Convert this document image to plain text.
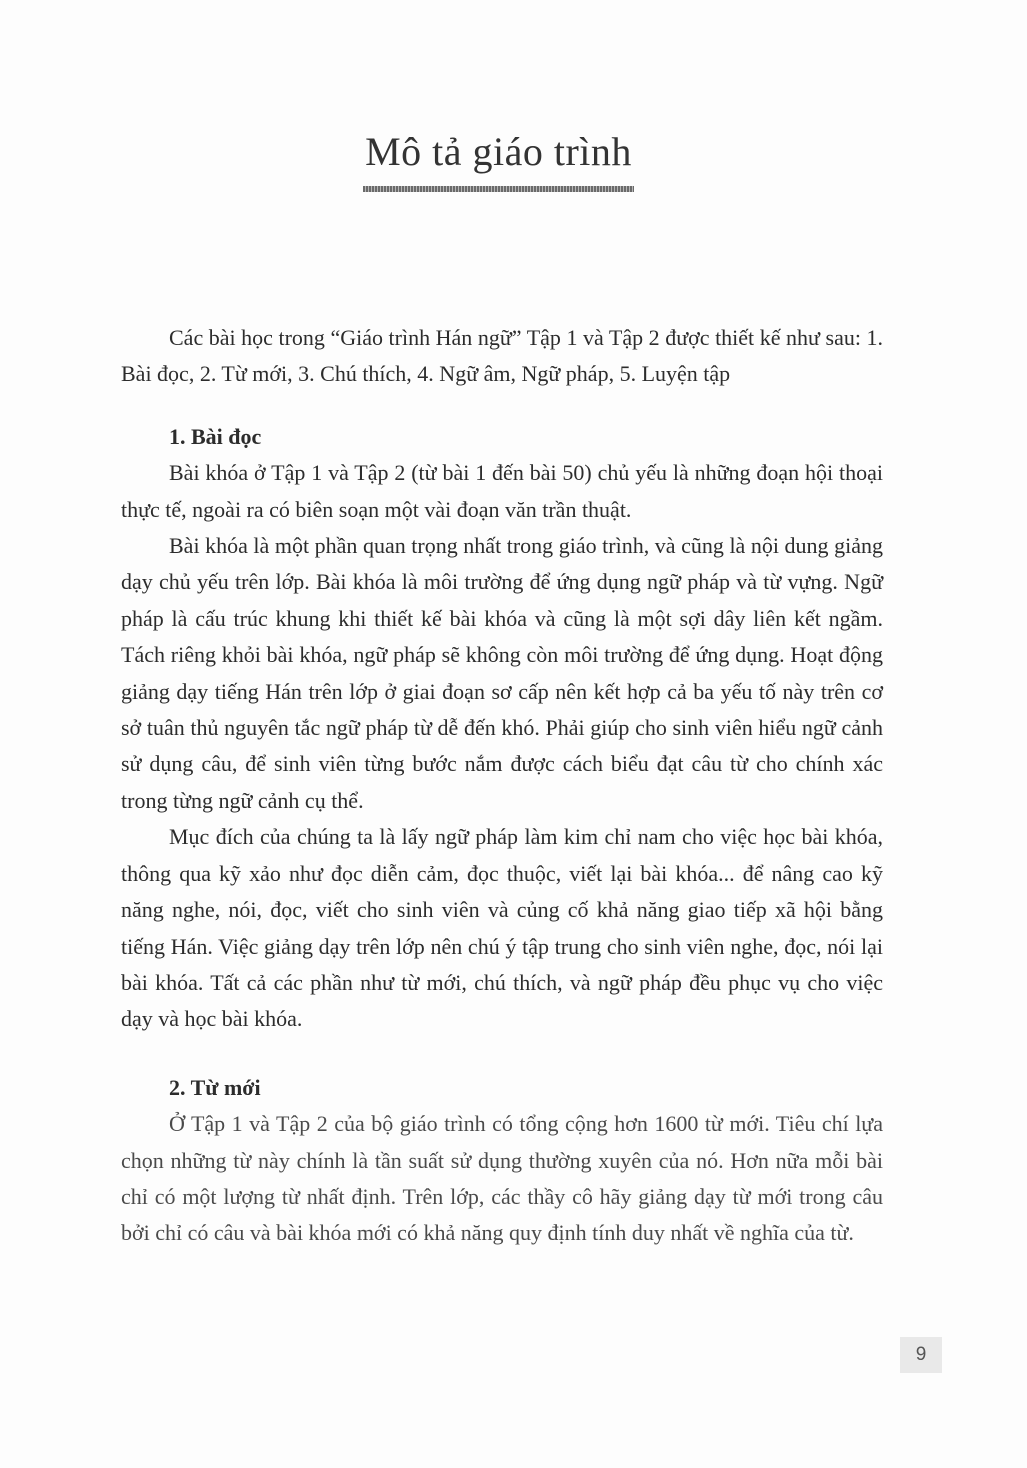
Mô tả giáo trình

Các bài học trong “Giáo trình Hán ngữ” Tập 1 và Tập 2 được thiết kế như sau: 1. Bài đọc, 2. Từ mới, 3. Chú thích, 4. Ngữ âm, Ngữ pháp, 5. Luyện tập

1. Bài đọc

Bài khóa ở Tập 1 và Tập 2 (từ bài 1 đến bài 50) chủ yếu là những đoạn hội thoại thực tế, ngoài ra có biên soạn một vài đoạn văn trần thuật.

Bài khóa là một phần quan trọng nhất trong giáo trình, và cũng là nội dung giảng dạy chủ yếu trên lớp. Bài khóa là môi trường để ứng dụng ngữ pháp và từ vựng. Ngữ pháp là cấu trúc khung khi thiết kế bài khóa và cũng là một sợi dây liên kết ngầm. Tách riêng khỏi bài khóa, ngữ pháp sẽ không còn môi trường để ứng dụng. Hoạt động giảng dạy tiếng Hán trên lớp ở giai đoạn sơ cấp nên kết hợp cả ba yếu tố này trên cơ sở tuân thủ nguyên tắc ngữ pháp từ dễ đến khó. Phải giúp cho sinh viên hiểu ngữ cảnh sử dụng câu, để sinh viên từng bước nắm được cách biểu đạt câu từ cho chính xác trong từng ngữ cảnh cụ thể.

Mục đích của chúng ta là lấy ngữ pháp làm kim chỉ nam cho việc học bài khóa, thông qua kỹ xảo như đọc diễn cảm, đọc thuộc, viết lại bài khóa... để nâng cao kỹ năng nghe, nói, đọc, viết cho sinh viên và củng cố khả năng giao tiếp xã hội bằng tiếng Hán. Việc giảng dạy trên lớp nên chú ý tập trung cho sinh viên nghe, đọc, nói lại bài khóa. Tất cả các phần như từ mới, chú thích, và ngữ pháp đều phục vụ cho việc dạy và học bài khóa.

2. Từ mới

Ở Tập 1 và Tập 2 của bộ giáo trình có tổng cộng hơn 1600 từ mới. Tiêu chí lựa chọn những từ này chính là tần suất sử dụng thường xuyên của nó. Hơn nữa mỗi bài chỉ có một lượng từ nhất định. Trên lớp, các thầy cô hãy giảng dạy từ mới trong câu bởi chỉ có câu và bài khóa mới có khả năng quy định tính duy nhất về nghĩa của từ.

9
